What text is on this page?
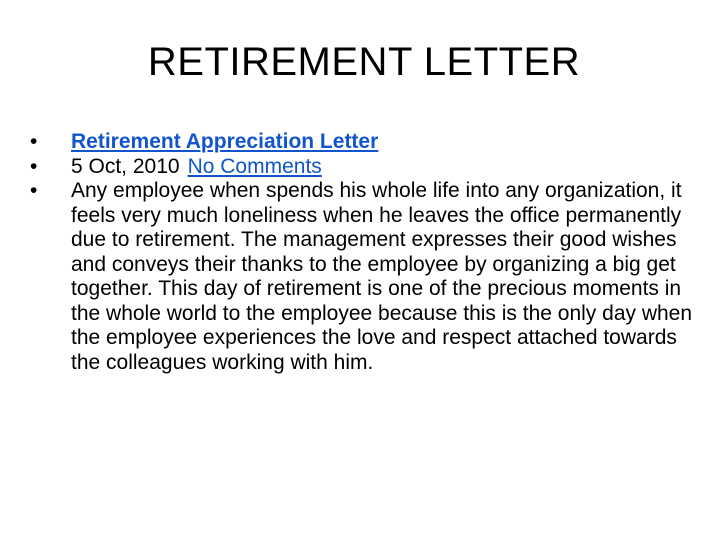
RETIREMENT LETTER
•	Retirement Appreciation Letter
•	5 Oct, 2010 No Comments
•	Any employee when spends his whole life into any organization, it feels very much loneliness when he leaves the office permanently due to retirement. The management expresses their good wishes and conveys their thanks to the employee by organizing a big get together. This day of retirement is one of the precious moments in the whole world to the employee because this is the only day when the employee experiences the love and respect attached towards the colleagues working with him.
